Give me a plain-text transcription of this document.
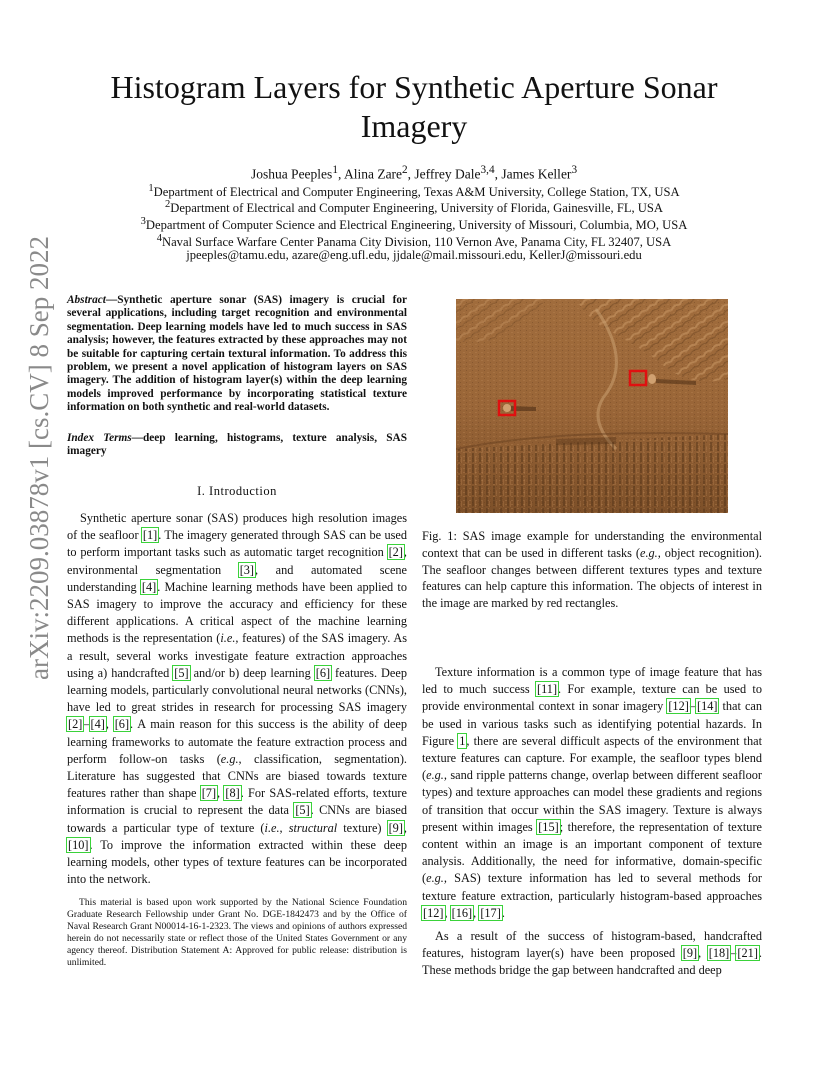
Histogram Layers for Synthetic Aperture Sonar Imagery
Joshua Peeples$^1$, Alina Zare$^2$, Jeffrey Dale$^{3,4}$, James Keller$^3$
$^1$Department of Electrical and Computer Engineering, Texas A&M University, College Station, TX, USA
$^2$Department of Electrical and Computer Engineering, University of Florida, Gainesville, FL, USA
$^3$Department of Computer Science and Electrical Engineering, University of Missouri, Columbia, MO, USA
$^4$Naval Surface Warfare Center Panama City Division, 110 Vernon Ave, Panama City, FL 32407, USA
jpeeples@tamu.edu, azare@eng.ufl.edu, jjdale@mail.missouri.edu, KellerJ@missouri.edu
arXiv:2209.03878v1 [cs.CV] 8 Sep 2022 Abstract—Synthetic aperture sonar (SAS) imagery is crucial for several applications, including target recognition and environmental segmentation. Deep learning models have led to much success in SAS analysis; however, the features extracted by these approaches may not be suitable for capturing certain textural information. To address this problem, we present a novel application of histogram layers on SAS imagery. The addition of histogram layer(s) within the deep learning models improved performance by incorporating statistical texture information on both synthetic and real-world datasets.
Index Terms—deep learning, histograms, texture analysis, SAS imagery
I. Introduction

Synthetic aperture sonar (SAS) produces high resolution images of the seafloor [1]. The imagery generated through SAS can be used to perform important tasks such as automatic target recognition [2], environmental segmentation [3], and automated scene understanding [4]. Machine learning methods have been applied to SAS imagery to improve the accuracy and efficiency for these different applications. A critical aspect of the machine learning methods is the representation (i.e., features) of the SAS imagery. As a result, several works investigate feature extraction approaches using a) handcrafted [5] and/or b) deep learning [6] features. Deep learning models, particularly convolutional neural networks (CNNs), have led to great strides in research for processing SAS imagery [2]–[4], [6]. A main reason for this success is the ability of deep learning frameworks to automate the feature extraction process and perform follow-on tasks (e.g., classification, segmentation). Literature has suggested that CNNs are biased towards texture features rather than shape [7], [8]. For SAS-related efforts, texture information is crucial to represent the data [5]. CNNs are biased towards a particular type of texture (i.e., structural texture) [9], [10]. To improve the information extracted within these deep learning models, other types of texture features can be incorporated into the network.

This material is based upon work supported by the National Science Foundation Graduate Research Fellowship under Grant No. DGE-1842473 and by the Office of Naval Research Grant N00014-16-1-2323. The views and opinions of authors expressed herein do not necessarily state or reflect those of the United States Government or any agency thereof. Distribution Statement A: Approved for public release: distribution is unlimited.
Fig. 1: SAS image example for understanding the environmental context that can be used in different tasks (e.g., object recognition). The seafloor changes between different textures types and texture features can help capture this information. The objects of interest in the image are marked by red rectangles.

Texture information is a common type of image feature that has led to much success [11]. For example, texture can be used to provide environmental context in sonar imagery [12]–[14] that can be used in various tasks such as identifying potential hazards. In Figure 1, there are several difficult aspects of the environment that texture features can capture. For example, the seafloor types blend (e.g., sand ripple patterns change, overlap between different seafloor types) and texture approaches can model these gradients and regions of transition that occur within the SAS imagery. Texture is always present within images [15]; therefore, the representation of texture content within an image is an important component of texture analysis. Additionally, the need for informative, domain-specific (e.g., SAS) texture information has led to several methods for texture feature extraction, particularly histogram-based approaches [12], [16], [17].

As a result of the success of histogram-based, handcrafted features, histogram layer(s) have been proposed [9], [18]–[21]. These methods bridge the gap between handcrafted and deep
